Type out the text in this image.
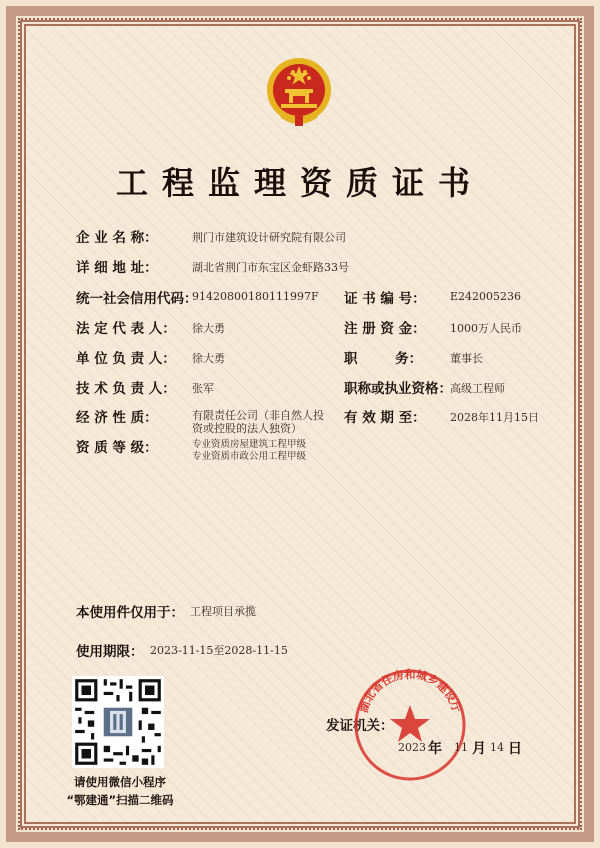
工程监理资质证书
企 业 名 称：	荆门市建筑设计研究院有限公司
详 细 地 址：	湖北省荆门市东宝区金虾路33号
统一社会信用代码：
91420800180111997F
法 定 代 表 人： 徐大勇
单 位 负 责 人： 徐大勇
技 术 负 责 人： 张军
经 济 性 质：	有限责任公司（非自然人投资或控股的法人独资）
资 质 等 级：	专业资质房屋建筑工程甲级
专业资质市政公用工程甲级
证 书 编 号： E242005236
注 册 资 金： 1000万人民币
职        务：	董事长
职称或执业资格：
高级工程师
有 效 期 至： 2028年11月15日
本使用件仅用于： 工程项目承揽
使用期限： 2023-11-15至2028-11-15
请使用微信小程序
“鄂建通”扫描二维码
发证机关：
湖北省住房和城乡建设厅
2023 年 11 月 14 日
